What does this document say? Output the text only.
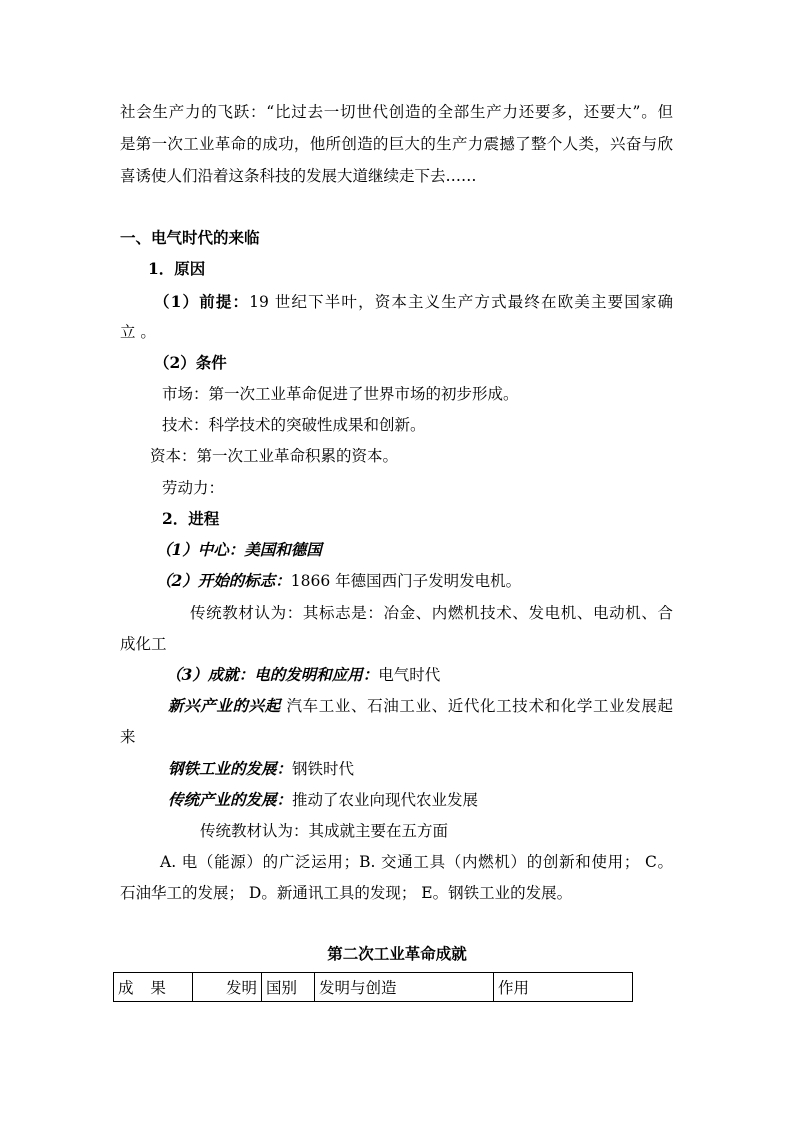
社会生产力的飞跃：“比过去一切世代创造的全部生产力还要多，还要大”。但
是第一次工业革命的成功，他所创造的巨大的生产力震撼了整个人类，兴奋与欣
喜诱使人们沿着这条科技的发展大道继续走下去……
一、电气时代的来临
1．原因
（1）前提：19 世纪下半叶，资本主义生产方式最终在欧美主要国家确
立 。
（2）条件
市场：第一次工业革命促进了世界市场的初步形成。
技术：科学技术的突破性成果和创新。
资本：第一次工业革命积累的资本。
劳动力：
2．进程
（1）中心：美国和德国
（2）开始的标志：1866 年德国西门子发明发电机。
传统教材认为：其标志是：冶金、内燃机技术、发电机、电动机、合
成化工
（3）成就：电的发明和应用：电气时代
新兴产业的兴起 汽车工业、石油工业、近代化工技术和化学工业发展起
来
钢铁工业的发展：钢铁时代
传统产业的发展：推动了农业向现代农业发展
传统教材认为：其成就主要在五方面
A. 电（能源）的广泛运用；B. 交通工具（内燃机）的创新和使用； C。
石油华工的发展； D。新通讯工具的发现； E。钢铁工业的发展。
第二次工业革命成就
成 果	发明	国别	发明与创造	作用
